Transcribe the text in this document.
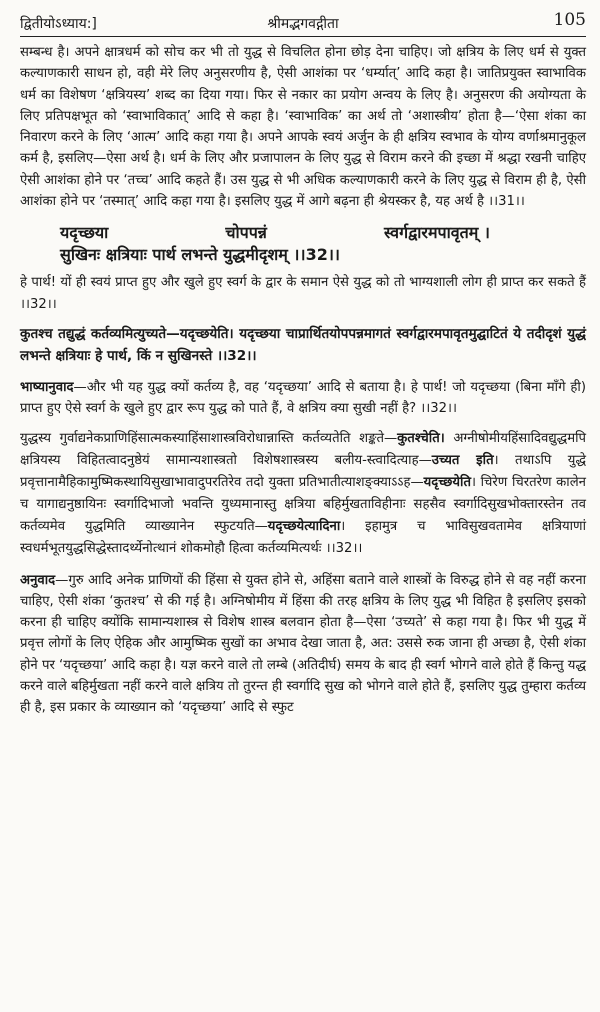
द्वितीयोऽध्याय:]	श्रीमद्भगवद्गीता	105

सम्बन्ध है। अपने क्षात्रधर्म को सोच कर भी तो युद्ध से विचलित होना छोड़ देना चाहिए। जो क्षत्रिय के लिए धर्म से युक्त कल्याणकारी साधन हो, वही मेरे लिए अनुसरणीय है, ऐसी आशंका पर ‘धर्म्यात्’ आदि कहा है। जातिप्रयुक्त स्वाभाविक धर्म का विशेषण ‘क्षत्रियस्य’ शब्द का दिया गया। फिर से नकार का प्रयोग अन्वय के लिए है। अनुसरण की अयोग्यता के लिए प्रतिपक्षभूत को ‘स्वाभाविकात्’ आदि से कहा है। ‘स्वाभाविक’ का अर्थ तो ‘अशास्त्रीय’ होता है—‘ऐसा शंका का निवारण करने के लिए ‘आत्म’ आदि कहा गया है। अपने आपके स्वयं अर्जुन के ही क्षत्रिय स्वभाव के योग्य वर्णाश्रमानुकूल कर्म है, इसलिए—ऐसा अर्थ है। धर्म के लिए और प्रजापालन के लिए युद्ध से विराम करने की इच्छा में श्रद्धा रखनी चाहिए ऐसी आशंका होने पर ‘तच्च’ आदि कहते हैं। उस युद्ध से भी अधिक कल्याणकारी करने के लिए युद्ध से विराम ही है, ऐसी आशंका होने पर ‘तस्मात्’ आदि कहा गया है। इसलिए युद्ध में आगे बढ़ना ही श्रेयस्कर है, यह अर्थ है ।।31।।

यदृच्छया	चोपपन्नं	स्वर्गद्वारमपावृतम् ।
सुखिनः क्षत्रियाः पार्थ लभन्ते युद्धमीदृशम् ।।32।।

हे पार्थ! यों ही स्वयं प्राप्त हुए और खुले हुए स्वर्ग के द्वार के समान ऐसे युद्ध को तो भाग्यशाली लोग ही प्राप्त कर सकते हैं ।।32।।

कुतश्च तद्युद्धं कर्तव्यमित्युच्यते—यदृच्छयेति। यदृच्छया चाप्रार्थितयोपपन्नमागतं स्वर्गद्वारमपावृतमुद्घाटितं ये तदीदृशं युद्धं लभन्ते क्षत्रियाः हे पार्थ, किं न सुखिनस्ते ।।32।।

भाष्यानुवाद—और भी यह युद्ध क्यों कर्तव्य है, वह ‘यदृच्छया’ आदि से बताया है। हे पार्थ! जो यदृच्छया (बिना माँगे ही) प्राप्त हुए ऐसे स्वर्ग के खुले हुए द्वार रूप युद्ध को पाते हैं, वे क्षत्रिय क्या सुखी नहीं है? ।।32।।

युद्धस्य गुर्वाद्यनेकप्राणिहिंसात्मकस्याहिंसाशास्त्रविरोधान्नास्ति कर्तव्यतेति शङ्कते—कुतश्चेति। अग्नीषोमीयहिंसादिवद्युद्धमपि क्षत्रियस्य विहितत्वादनुष्ठेयं सामान्यशास्त्रतो विशेषशास्त्रस्य बलीय-स्त्वादित्याह—उच्यत इति। तथाऽपि युद्धे प्रवृत्तानामैहिकामुष्मिकस्थायिसुखाभावादुपरतिरेव तदो युक्ता प्रतिभातीत्याशङ्क्याऽऽह—यदृच्छयेति। चिरेण चिरतरेण कालेन च यागाद्यनुष्ठायिनः स्वर्गादिभाजो भवन्ति युध्यमानास्तु क्षत्रिया बहिर्मुखताविहीनाः सहसैव स्वर्गादिसुखभोक्तारस्तेन तव कर्तव्यमेव युद्धमिति व्याख्यानेन स्फुटयति—यदृच्छयेत्यादिना। इहामुत्र च भाविसुखवतामेव क्षत्रियाणां स्वधर्मभूतयुद्धसिद्धेस्तादर्थ्येनोत्थानं शोकमोहौ हित्वा कर्तव्यमित्यर्थः ।।32।।

अनुवाद—गुरु आदि अनेक प्राणियों की हिंसा से युक्त होने से, अहिंसा बताने वाले शास्त्रों के विरुद्ध होने से वह नहीं करना चाहिए, ऐसी शंका ‘कुतश्च’ से की गई है। अग्निषोमीय में हिंसा की तरह क्षत्रिय के लिए युद्ध भी विहित है इसलिए इसको करना ही चाहिए क्योंकि सामान्यशास्त्र से विशेष शास्त्र बलवान होता है—ऐसा ‘उच्यते’ से कहा गया है। फिर भी युद्ध में प्रवृत्त लोगों के लिए ऐहिक और आमुष्मिक सुखों का अभाव देखा जाता है, अत: उससे रुक जाना ही अच्छा है, ऐसी शंका होने पर ‘यदृच्छया’ आदि कहा है। यज्ञ करने वाले तो लम्बे (अतिदीर्घ) समय के बाद ही स्वर्ग भोगने वाले होते हैं किन्तु यद्ध करने वाले बहिर्मुखता नहीं करने वाले क्षत्रिय तो तुरन्त ही स्वर्गादि सुख को भोगने वाले होते हैं, इसलिए युद्ध तुम्हारा कर्तव्य ही है, इस प्रकार के व्याख्यान को ‘यदृच्छया’ आदि से स्फुट
